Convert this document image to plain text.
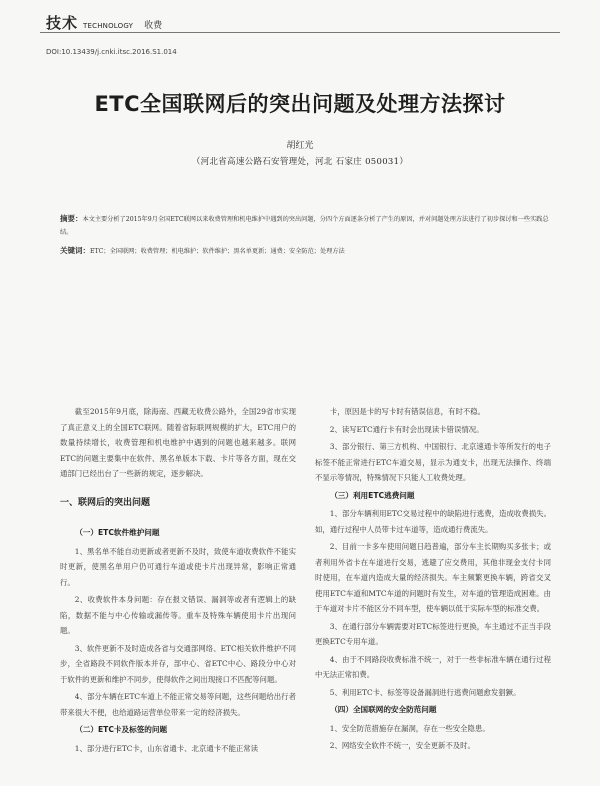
技术 TECHNOLOGY 收费
DOI:10.13439/j.cnki.itsc.2016.S1.014
ETC全国联网后的突出问题及处理方法探讨
胡红光
（河北省高速公路石安管理处，河北 石家庄 050031）
摘要：本文主要分析了2015年9月全国ETC联网以来收费管理和机电维护中遇到的突出问题，分四个方面逐条分析了产生的原因，并对问题处理方法进行了初步探讨和一些实践总结。
关键词：ETC；全国联网；收费管理；机电维护；软件维护；黑名单更新；通费；安全防范；处理方法

截至2015年9月底，除海南、西藏无收费公路外，全国29省市实现了真正意义上的全国ETC联网。随着省际联网规模的扩大，ETC用户的数量持续增长，收费管理和机电维护中遇到的问题也越来越多。联网ETC的问题主要集中在软件、黑名单版本下载、卡片等各方面，现在交通部门已经出台了一些新的规定，逐步解决。

一、联网后的突出问题

（一）ETC软件维护问题

1、黑名单不能自动更新或者更新不及时，致使车道收费软件不能实时更新，使黑名单用户仍可通行车道或使卡片出现异常，影响正常通行。

2、收费软件本身问题：存在报文错误、漏洞等或者有逻辑上的缺陷，数据不能与中心传输或漏传等。重车及特殊车辆使用卡片出现问题。

3、软件更新不及时造成各省与交通部网络、ETC相关软件维护不同步，全省路段不同软件版本并存，部中心、省ETC中心、路段分中心对于软件的更新和维护不同步，使得软件之间出现接口不匹配等问题。

4、部分车辆在ETC车道上不能正常交易等问题，这些问题给出行者带来很大不便，也给道路运营单位带来一定的经济损失。

（二）ETC卡及标签的问题

1、部分进行ETC卡，山东省通卡、北京通卡不能正常读

卡，原因是卡的写卡时有错误信息，有时不稳。

2、读写ETC通行卡有时会出现读卡错误情况。

3、部分银行、第三方机构、中国银行、北京速通卡等所发行的电子标签不能正常进行ETC车道交易，显示为通支卡，出现无法操作、终端不显示等情况，特殊情况下只能人工收费处理。

（三）利用ETC逃费问题

1、部分车辆利用ETC交易过程中的缺陷进行逃费，造成收费损失。如，通行过程中人员带卡过车道等，造成通行费流失。

2、目前一卡多车使用问题日趋普遍，部分车主长期购买多张卡；或者利用外省卡在车道进行交易，逃避了应交费用，其他非现金支付卡同时使用，在车道内造成大量的经济损失。车主频繁更换车辆，跨省交叉使用ETC车道和MTC车道的问题时有发生，对车道的管理造成困难。由于车道对卡片不能区分不同车型，使车辆以低于实际车型的标准交费。

3、在通行部分车辆需要对ETC标签进行更换，车主通过不正当手段更换ETC专用车道。

4、由于不同路段收费标准不统一，对于一些非标准车辆在通行过程中无法正常扣费。

5、利用ETC卡、标签等设备漏洞进行逃费问题愈发猖獗。

（四）全国联网的安全防范问题

1、安全防范措施存在漏洞，存在一些安全隐患。

2、网络安全软件不统一，安全更新不及时。
